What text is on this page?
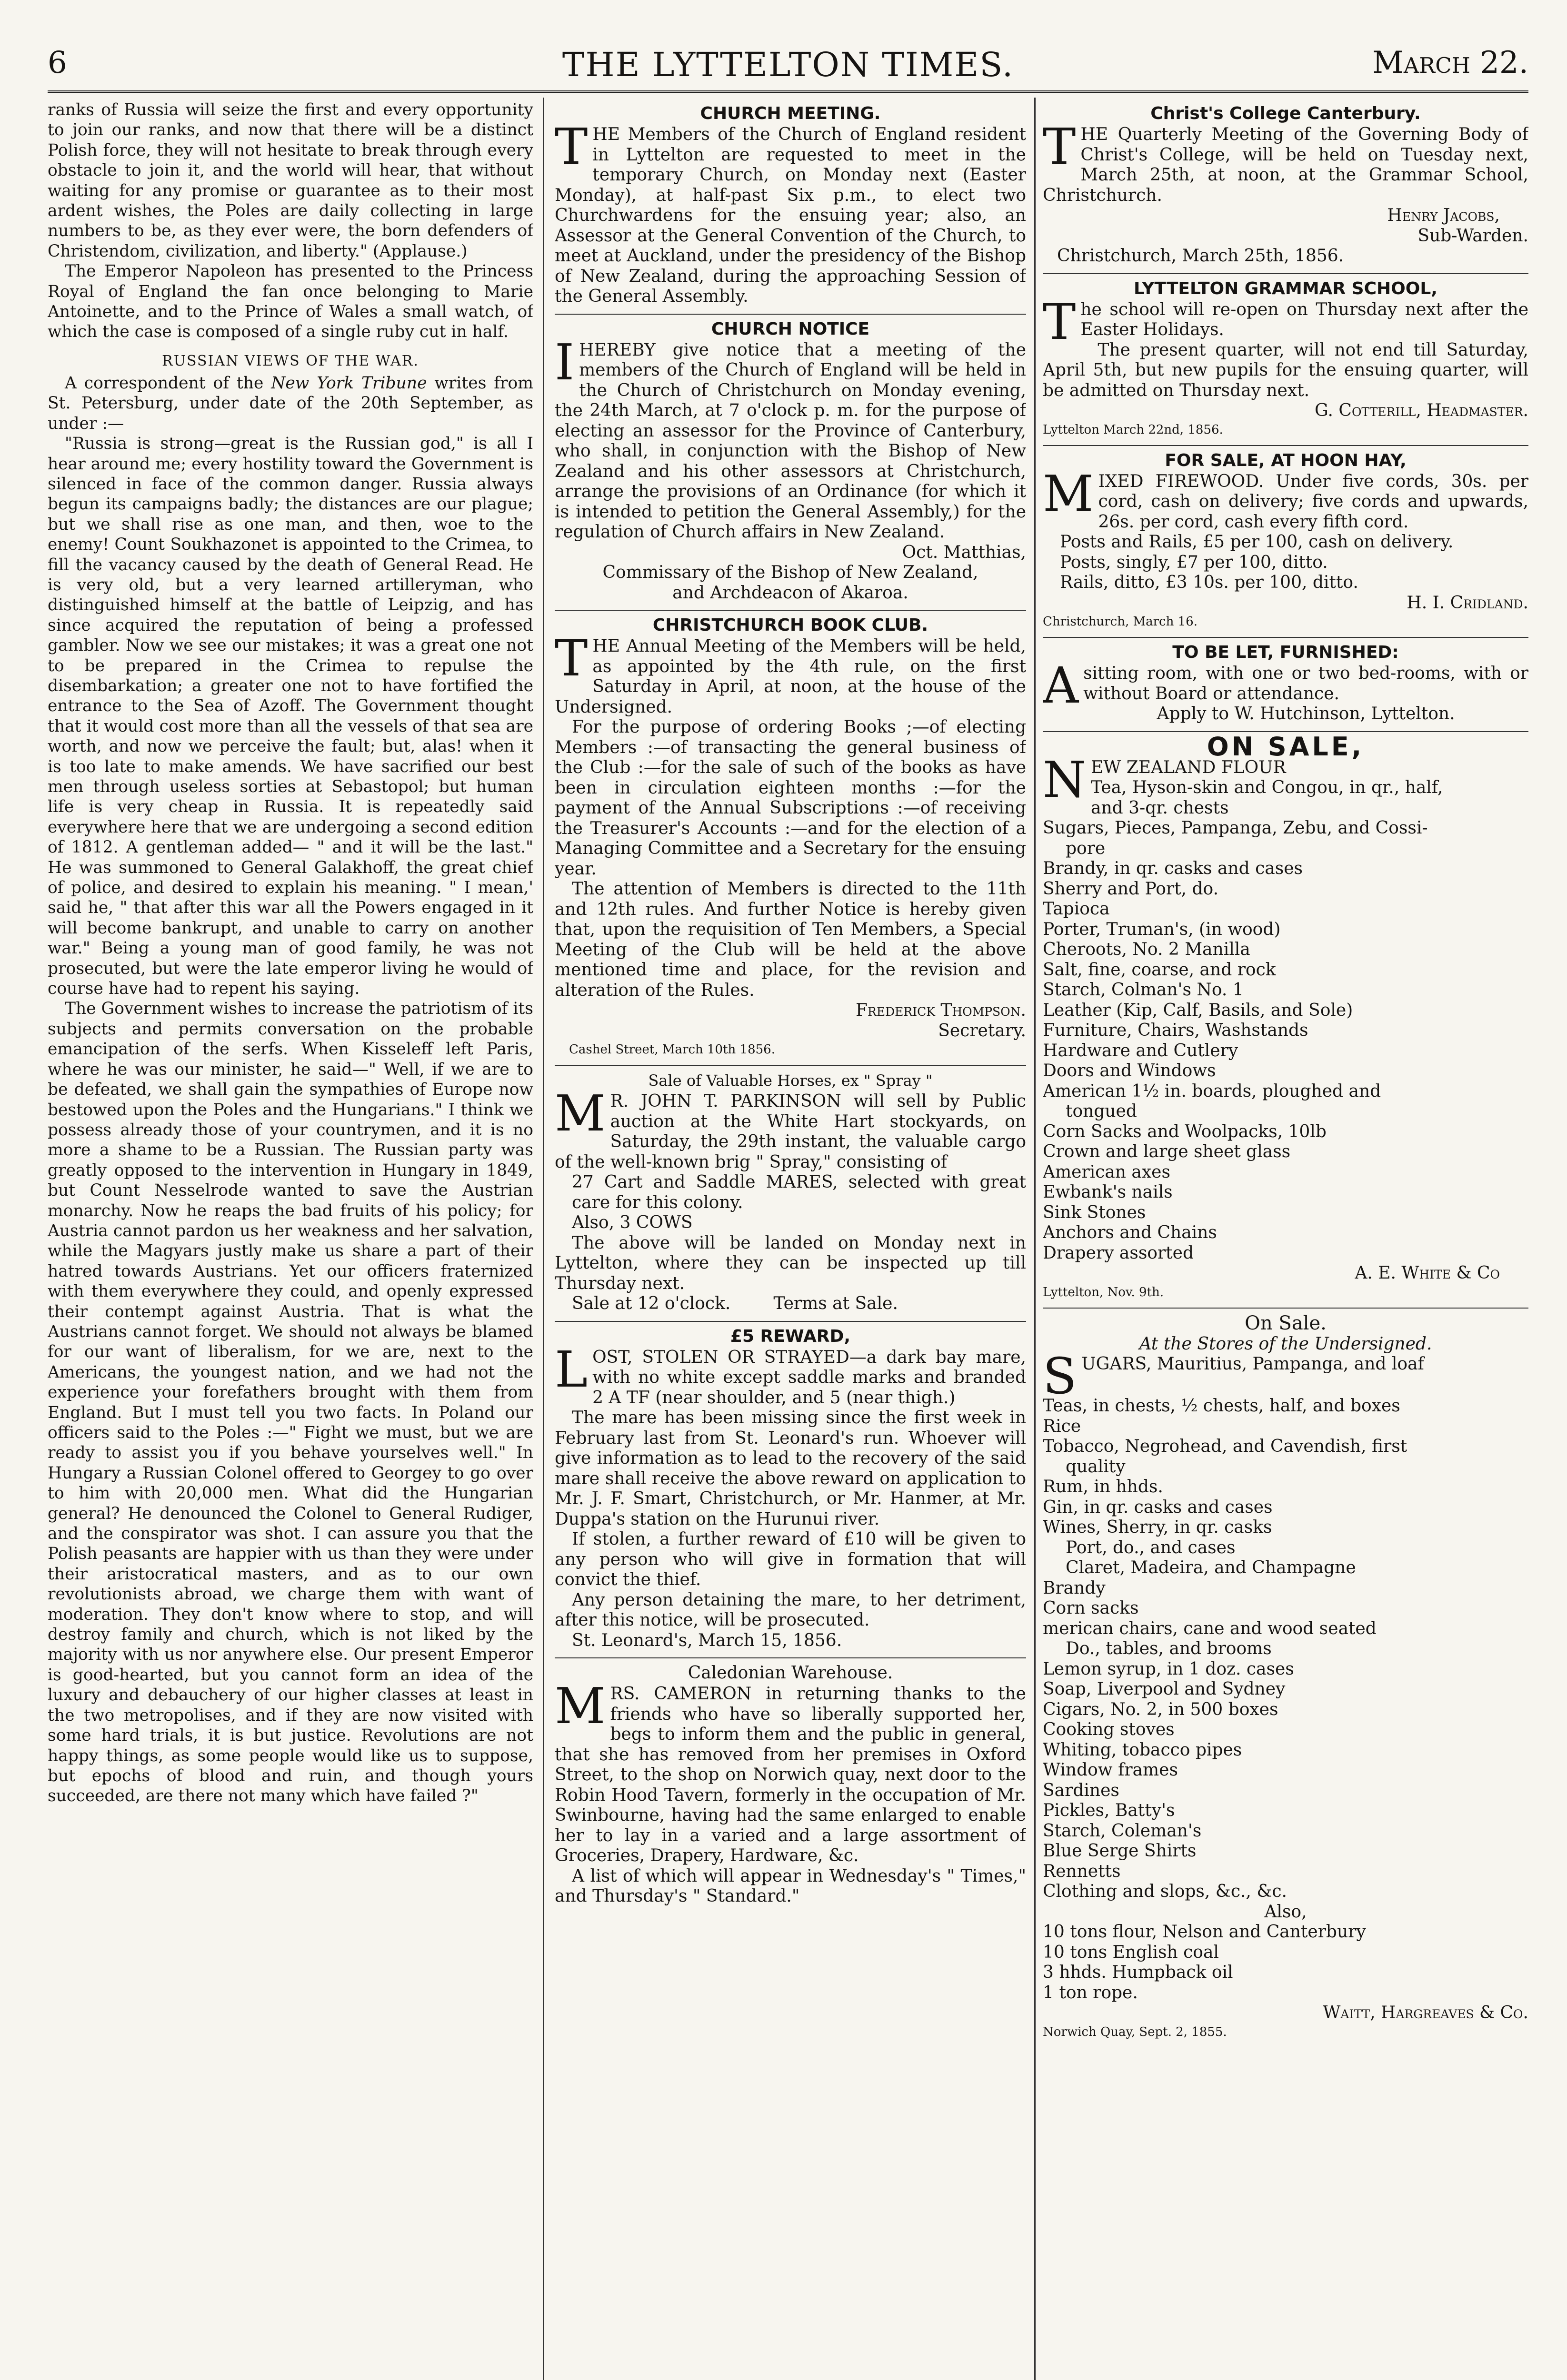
6	THE LYTTELTON TIMES.	March 22.

ranks of Russia will seize the first and every opportunity to join our ranks, and now that there will be a distinct Polish force, they will not hesitate to break through every obstacle to join it, and the world will hear, that without waiting for any promise or guarantee as to their most ardent wishes, the Poles are daily collecting in large numbers to be, as they ever were, the born defenders of Christendom, civilization, and liberty." (Applause.)

The Emperor Napoleon has presented to the Princess Royal of England the fan once belonging to Marie Antoinette, and to the Prince of Wales a small watch, of which the case is composed of a single ruby cut in half.

RUSSIAN VIEWS OF THE WAR.

A correspondent of the New York Tribune writes from St. Petersburg, under date of the 20th September, as under :—

"Russia is strong—great is the Russian god," is all I hear around me; every hostility toward the Government is silenced in face of the common danger. Russia always begun its campaigns badly; the distances are our plague; but we shall rise as one man, and then, woe to the enemy! Count Soukhazonet is appointed to the Crimea, to fill the vacancy caused by the death of General Read. He is very old, but a very learned artilleryman, who distinguished himself at the battle of Leipzig, and has since acquired the reputation of being a professed gambler. Now we see our mistakes; it was a great one not to be prepared in the Crimea to repulse the disembarkation; a greater one not to have fortified the entrance to the Sea of Azoff. The Government thought that it would cost more than all the vessels of that sea are worth, and now we perceive the fault; but, alas! when it is too late to make amends. We have sacrified our best men through useless sorties at Sebastopol; but human life is very cheap in Russia. It is repeatedly said everywhere here that we are undergoing a second edition of 1812. A gentleman added— " and it will be the last." He was summoned to General Galakhoff, the great chief of police, and desired to explain his meaning. " I mean,' said he, " that after this war all the Powers engaged in it will become bankrupt, and unable to carry on another war." Being a young man of good family, he was not prosecuted, but were the late emperor living he would of course have had to repent his saying.

The Government wishes to increase the patriotism of its subjects and permits conversation on the probable emancipation of the serfs. When Kisseleff left Paris, where he was our minister, he said—" Well, if we are to be defeated, we shall gain the sympathies of Europe now bestowed upon the Poles and the Hungarians." I think we possess already those of your countrymen, and it is no more a shame to be a Russian. The Russian party was greatly opposed to the intervention in Hungary in 1849, but Count Nesselrode wanted to save the Austrian monarchy. Now he reaps the bad fruits of his policy; for Austria cannot pardon us her weakness and her salvation, while the Magyars justly make us share a part of their hatred towards Austrians. Yet our officers fraternized with them everywhere they could, and openly expressed their contempt against Austria. That is what the Austrians cannot forget. We should not always be blamed for our want of liberalism, for we are, next to the Americans, the youngest nation, and we had not the experience your forefathers brought with them from England. But I must tell you two facts. In Poland our officers said to the Poles :—" Fight we must, but we are ready to assist you if you behave yourselves well." In Hungary a Russian Colonel offered to Georgey to go over to him with 20,000 men. What did the Hungarian general? He denounced the Colonel to General Rudiger, and the conspirator was shot. I can assure you that the Polish peasants are happier with us than they were under their aristocratical masters, and as to our own revolutionists abroad, we charge them with want of moderation. They don't know where to stop, and will destroy family and church, which is not liked by the majority with us nor anywhere else. Our present Emperor is good-hearted, but you cannot form an idea of the luxury and debauchery of our higher classes at least in the two metropolises, and if they are now visited with some hard trials, it is but justice. Revolutions are not happy things, as some people would like us to suppose, but epochs of blood and ruin, and though yours succeeded, are there not many which have failed ?"

CHURCH MEETING.

THE Members of the Church of England resident in Lyttelton are requested to meet in the temporary Church, on Monday next (Easter Monday), at half-past Six p.m., to elect two Churchwardens for the ensuing year; also, an Assessor at the General Convention of the Church, to meet at Auckland, under the presidency of the Bishop of New Zealand, during the approaching Session of the General Assembly.

CHURCH NOTICE

IHEREBY give notice that a meeting of the members of the Church of England will be held in the Church of Christchurch on Monday evening, the 24th March, at 7 o'clock p. m. for the purpose of electing an assessor for the Province of Canterbury, who shall, in conjunction with the Bishop of New Zealand and his other assessors at Christchurch, arrange the provisions of an Ordinance (for which it is intended to petition the General Assembly,) for the regulation of Church affairs in New Zealand.

Oct. Matthias,

Commissary of the Bishop of New Zealand,

and Archdeacon of Akaroa.

CHRISTCHURCH BOOK CLUB.

THE Annual Meeting of the Members will be held, as appointed by the 4th rule, on the first Saturday in April, at noon, at the house of the Undersigned.

For the purpose of ordering Books ;—of electing Members :—of transacting the general business of the Club :—for the sale of such of the books as have been in circulation eighteen months :—for the payment of the Annual Subscriptions :—of receiving the Treasurer's Accounts :—and for the election of a Managing Committee and a Secretary for the ensuing year.

The attention of Members is directed to the 11th and 12th rules. And further Notice is hereby given that, upon the requisition of Ten Members, a Special Meeting of the Club will be held at the above mentioned time and place, for the revision and alteration of the Rules.

Frederick Thompson.

Secretary.

Cashel Street, March 10th 1856.

Sale of Valuable Horses, ex " Spray "

M R. JOHN T. PARKINSON will sell by Public auction at the White Hart stockyards, on Saturday, the 29th instant, the valuable cargo of the well-known brig " Spray," consisting of

27 Cart and Saddle MARES, selected with great care for this colony.

Also, 3 COWS

The above will be landed on Monday next in Lyttelton, where they can be inspected up till Thursday next.

Sale at 12 o'clock.	Terms at Sale.

£5 REWARD,

LOST, STOLEN OR STRAYED—a dark bay mare, with no white except saddle marks and branded 2 A TF (near shoulder, and 5 (near thigh.)

The mare has been missing since the first week in February last from St. Leonard's run. Whoever will give information as to lead to the recovery of the said mare shall receive the above reward on application to Mr. J. F. Smart, Christchurch, or Mr. Hanmer, at Mr. Duppa's station on the Hurunui river.

If stolen, a further reward of £10 will be given to any person who will give in formation that will convict the thief.

Any person detaining the mare, to her detriment, after this notice, will be prosecuted.

St. Leonard's, March 15, 1856.

Caledonian Warehouse.

MRS. CAMERON in returning thanks to the friends who have so liberally supported her, begs to inform them and the public in general, that she has removed from her premises in Oxford Street, to the shop on Norwich quay, next door to the Robin Hood Tavern, formerly in the occupation of Mr. Swinbourne, having had the same enlarged to enable her to lay in a varied and a large assortment of Groceries, Drapery, Hardware, &c.

A list of which will appear in Wednesday's " Times," and Thursday's " Standard."

Christ's College Canterbury.

THE Quarterly Meeting of the Governing Body of Christ's College, will be held on Tuesday next, March 25th, at noon, at the Grammar School, Christchurch.

Henry Jacobs,

Sub-Warden.

Christchurch, March 25th, 1856.

LYTTELTON GRAMMAR SCHOOL,

The school will re-open on Thursday next after the Easter Holidays.

The present quarter, will not end till Saturday, April 5th, but new pupils for the ensuing quarter, will be admitted on Thursday next.

G. Cotterill, Headmaster.

Lyttelton March 22nd, 1856.

FOR SALE, AT HOON HAY,

MIXED FIREWOOD. Under five cords, 30s. per cord, cash on delivery; five cords and upwards, 26s. per cord, cash every fifth cord.

Posts and Rails, £5 per 100, cash on delivery.

Posts, singly, £7 per 100, ditto.

Rails, ditto, £3 10s. per 100, ditto.

H. I. Cridland.

Christchurch, March 16.

TO BE LET, FURNISHED:

Asitting room, with one or two bed-rooms, with or without Board or attendance.

Apply to W. Hutchinson, Lyttelton.

ON SALE,

NEW ZEALAND FLOUR

Tea, Hyson-skin and Congou, in qr., half,
and 3-qr. chests
Sugars, Pieces, Pampanga, Zebu, and Cossi-
pore
Brandy, in qr. casks and cases
Sherry and Port, do.
Tapioca
Porter, Truman's, (in wood)
Cheroots, No. 2 Manilla
Salt, fine, coarse, and rock
Starch, Colman's No. 1
Leather (Kip, Calf, Basils, and Sole)
Furniture, Chairs, Washstands
Hardware and Cutlery
Doors and Windows
American 1½ in. boards, ploughed and
tongued
Corn Sacks and Woolpacks, 10lb
Crown and large sheet glass
American axes
Ewbank's nails
Sink Stones
Anchors and Chains
Drapery assorted

A. E. White & Co

Lyttelton, Nov. 9th.

On Sale.

At the Stores of the Undersigned.

SUGARS, Mauritius, Pampanga, and loaf

Teas, in chests, ½ chests, half, and boxes
Rice
Tobacco, Negrohead, and Cavendish, first
quality
Rum, in hhds.
Gin, in qr. casks and cases
Wines, Sherry, in qr. casks
Port, do., and cases
Claret, Madeira, and Champagne
Brandy
Corn sacks
merican chairs, cane and wood seated
Do., tables, and brooms
Lemon syrup, in 1 doz. cases
Soap, Liverpool and Sydney
Cigars, No. 2, in 500 boxes
Cooking stoves
Whiting, tobacco pipes
Window frames
Sardines
Pickles, Batty's
Starch, Coleman's
Blue Serge Shirts
Rennetts
Clothing and slops, &c., &c.
Also,
10 tons flour, Nelson and Canterbury
10 tons English coal
3 hhds. Humpback oil
1 ton rope.

Waitt, Hargreaves & Co.

Norwich Quay, Sept. 2, 1855.
